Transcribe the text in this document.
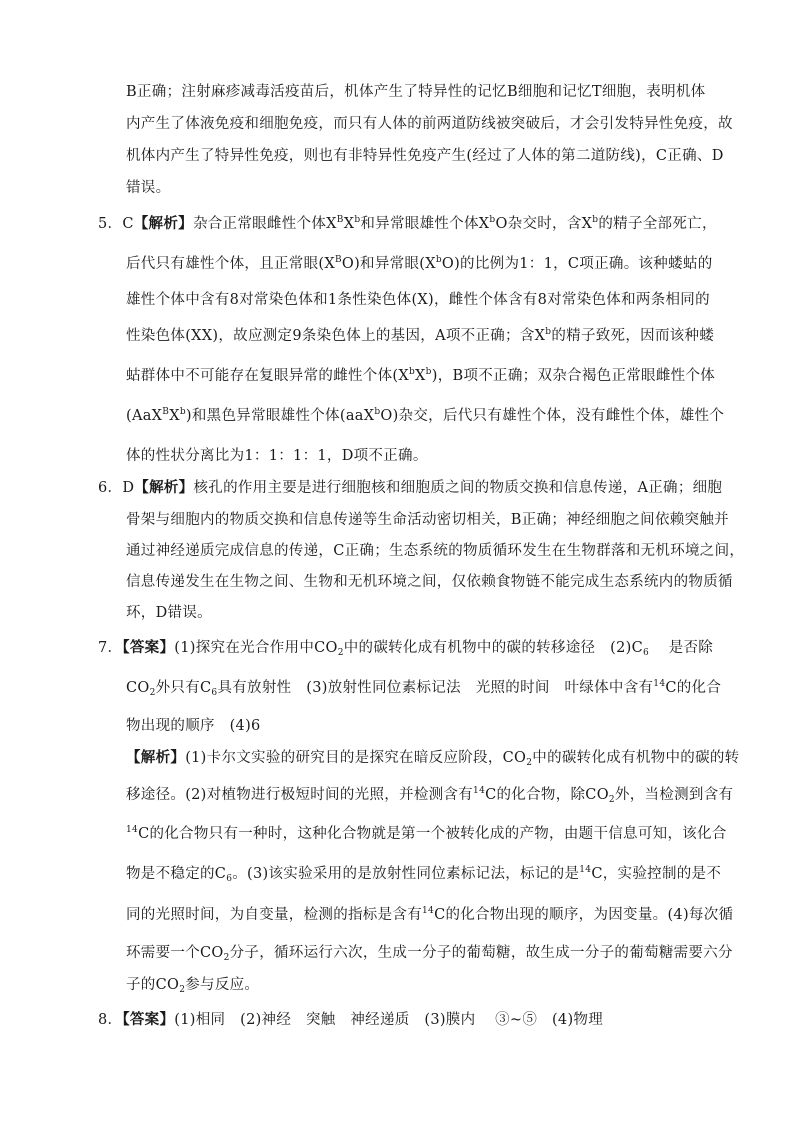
B正确；注射麻疹减毒活疫苗后，机体产生了特异性的记忆B细胞和记忆T细胞，表明机体
内产生了体液免疫和细胞免疫，而只有人体的前两道防线被突破后，才会引发特异性免疫，故
机体内产生了特异性免疫，则也有非特异性免疫产生(经过了人体的第二道防线)，C正确、D
错误。
5．C【解析】杂合正常眼雌性个体$X^BX^b$和异常眼雄性个体$X^bO$杂交时，含$X^b$的精子全部死亡，
后代只有雄性个体，且正常眼$(X^BO)$和异常眼$(X^bO)$的比例为1：1，C项正确。该种蝼蛄的
雄性个体中含有8对常染色体和1条性染色体(X)，雌性个体含有8对常染色体和两条相同的
性染色体(XX)，故应测定9条染色体上的基因，A项不正确；含$X^b$的精子致死，因而该种蝼
蛄群体中不可能存在复眼异常的雌性个体$(X^bX^b)$，B项不正确；双杂合褐色正常眼雌性个体
$(AaX^BX^b)$和黑色异常眼雄性个体(aaX$^b$O)杂交，后代只有雄性个体，没有雌性个体，雄性个
体的性状分离比为1：1：1：1，D项不正确。
6．D【解析】核孔的作用主要是进行细胞核和细胞质之间的物质交换和信息传递，A正确；细胞
骨架与细胞内的物质交换和信息传递等生命活动密切相关，B正确；神经细胞之间依赖突触并
通过神经递质完成信息的传递，C正确；生态系统的物质循环发生在生物群落和无机环境之间，
信息传递发生在生物之间、生物和无机环境之间，仅依赖食物链不能完成生态系统内的物质循
环，D错误。
7．【答案】(1)探究在光合作用中$CO_2$中的碳转化成有机物中的碳的转移途径　$(2)C_6$　 是否除
$CO_2$外只有$C_6$具有放射性　(3)放射性同位素标记法　光照的时间　叶绿体中含有$^{14}$C的化合
物出现的顺序　(4)6
【解析】(1)卡尔文实验的研究目的是探究在暗反应阶段，$CO_2$中的碳转化成有机物中的碳的转
移途径。(2)对植物进行极短时间的光照，并检测含有$^{14}$C的化合物，除$CO_2$外，当检测到含有
$^{14}$C的化合物只有一种时，这种化合物就是第一个被转化成的产物，由题干信息可知，该化合
物是不稳定的$C_6$。(3)该实验采用的是放射性同位素标记法，标记的是$^{14}$C，实验控制的是不
同的光照时间，为自变量，检测的指标是含有$^{14}$C的化合物出现的顺序，为因变量。(4)每次循
环需要一个$CO_2$分子，循环运行六次，生成一分子的葡萄糖，故生成一分子的葡萄糖需要六分
子的$CO_2$参与反应。
8．【答案】(1)相同　(2)神经　突触　神经递质　(3)膜内　 ③~⑤　(4)物理
